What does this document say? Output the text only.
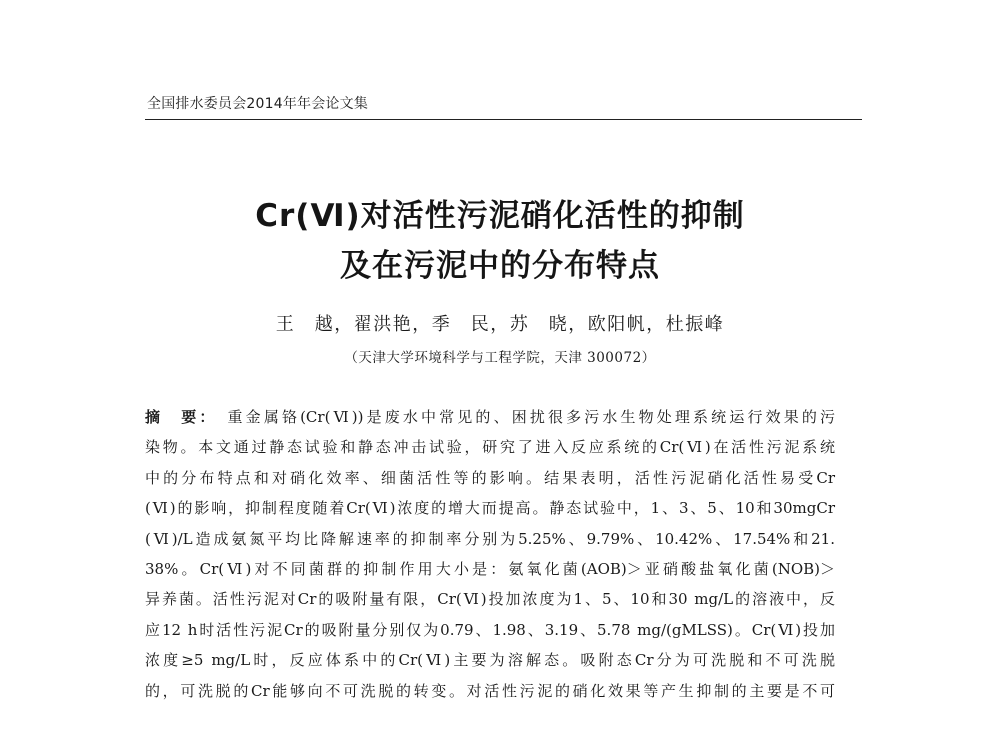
全国排水委员会2014年年会论文集
Cr(Ⅵ)对活性污泥硝化活性的抑制
及在污泥中的分布特点
王　越，翟洪艳，季　民，苏　晓，欧阳帆，杜振峰
（天津大学环境科学与工程学院，天津 300072）
摘　要： 重金属铬(Cr(Ⅵ))是废水中常见的、困扰很多污水生物处理系统运行效果的污
染物。本文通过静态试验和静态冲击试验，研究了进入反应系统的Cr(Ⅵ)在活性污泥系统
中的分布特点和对硝化效率、细菌活性等的影响。结果表明，活性污泥硝化活性易受Cr
(Ⅵ)的影响，抑制程度随着Cr(Ⅵ)浓度的增大而提高。静态试验中，1、3、5、10和30mgCr
(Ⅵ)/L造成氨氮平均比降解速率的抑制率分别为5.25%、9.79%、10.42%、17.54%和21.
38%。Cr(Ⅵ)对不同菌群的抑制作用大小是：氨氧化菌(AOB)＞亚硝酸盐氧化菌(NOB)＞
异养菌。活性污泥对Cr的吸附量有限，Cr(Ⅵ)投加浓度为1、5、10和30 mg/L的溶液中，反
应12 h时活性污泥Cr的吸附量分别仅为0.79、1.98、3.19、5.78 mg/(gMLSS)。Cr(Ⅵ)投加
浓度≥5 mg/L时，反应体系中的Cr(Ⅵ)主要为溶解态。吸附态Cr分为可洗脱和不可洗脱
的，可洗脱的Cr能够向不可洗脱的转变。对活性污泥的硝化效果等产生抑制的主要是不可
